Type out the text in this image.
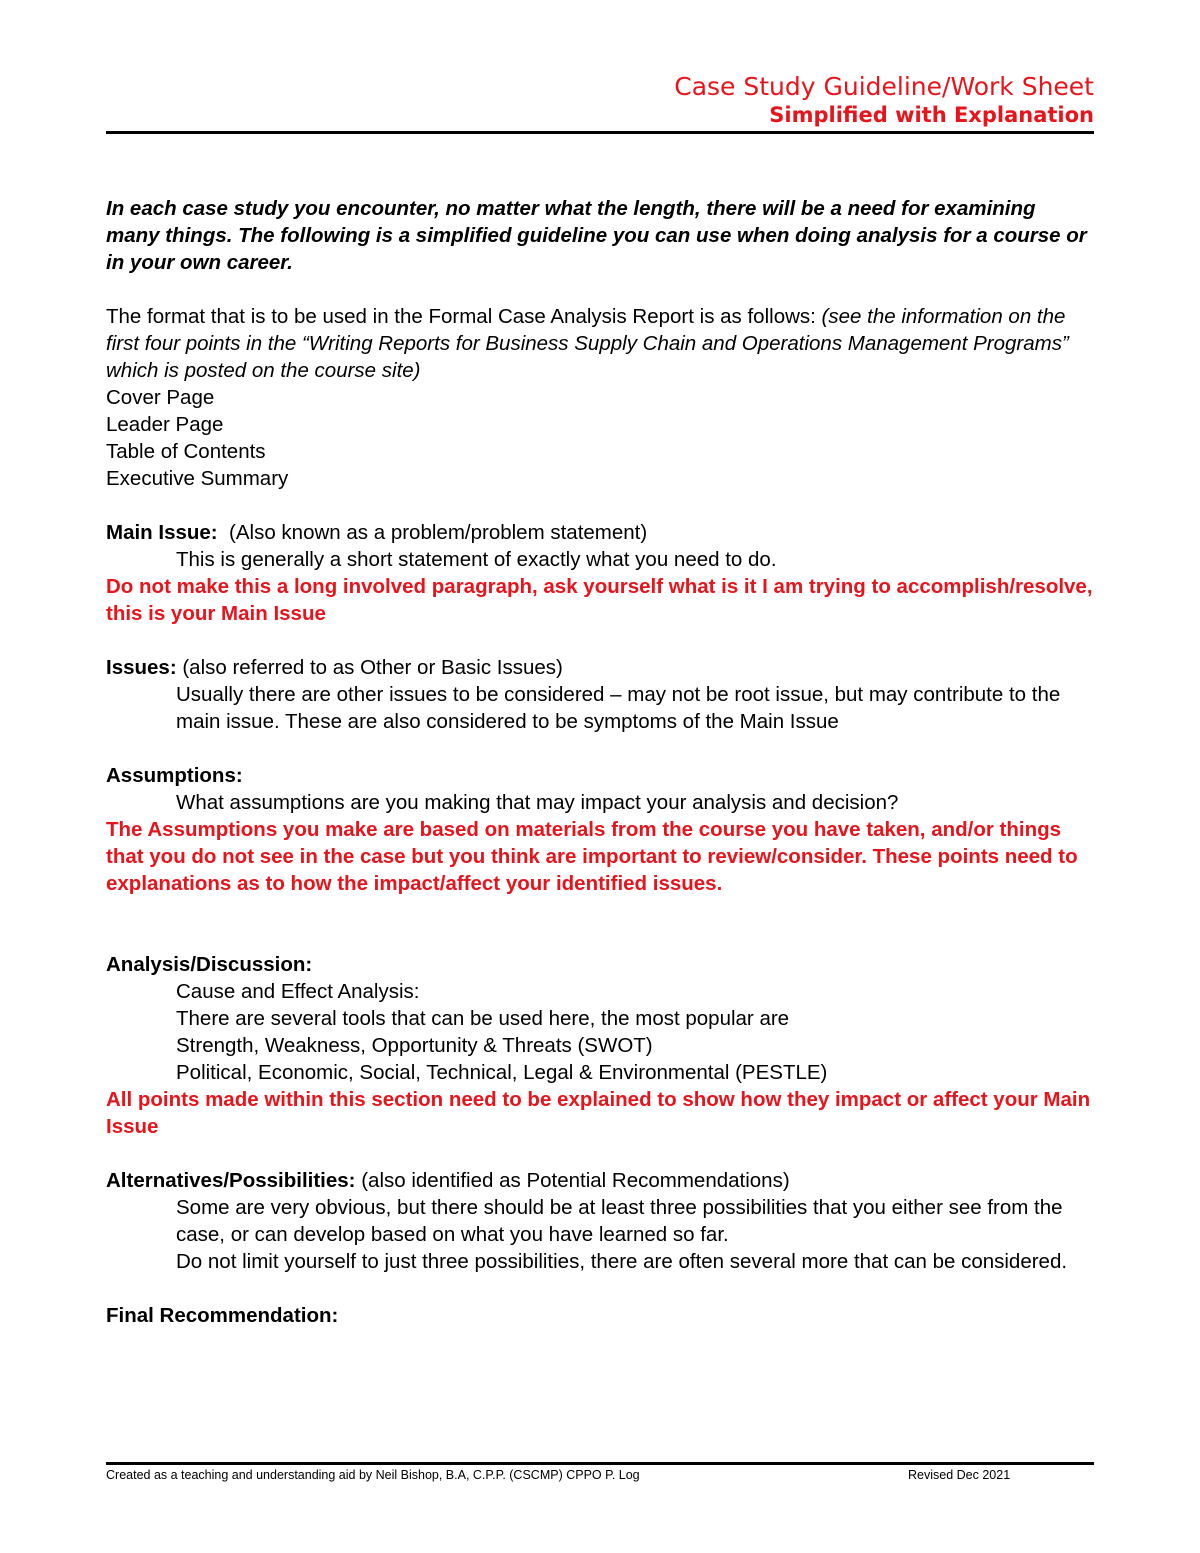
Case Study Guideline/Work Sheet
Simplified with Explanation

In each case study you encounter, no matter what the length, there will be a need for examining many things. The following is a simplified guideline you can use when doing analysis for a course or in your own career.

The format that is to be used in the Formal Case Analysis Report is as follows: (see the information on the first four points in the “Writing Reports for Business Supply Chain and Operations Management Programs” which is posted on the course site)

Cover Page

Leader Page

Table of Contents

Executive Summary

Main Issue:  (Also known as a problem/problem statement)

This is generally a short statement of exactly what you need to do.

Do not make this a long involved paragraph, ask yourself what is it I am trying to accomplish/resolve, this is your Main Issue

Issues: (also referred to as Other or Basic Issues)

Usually there are other issues to be considered – may not be root issue, but may contribute to the main issue. These are also considered to be symptoms of the Main Issue

Assumptions:

What assumptions are you making that may impact your analysis and decision?

The Assumptions you make are based on materials from the course you have taken, and/or things that you do not see in the case but you think are important to review/consider. These points need to explanations as to how the impact/affect your identified issues.

Analysis/Discussion:

Cause and Effect Analysis:

There are several tools that can be used here, the most popular are

Strength, Weakness, Opportunity & Threats (SWOT)

Political, Economic, Social, Technical, Legal & Environmental (PESTLE)

All points made within this section need to be explained to show how they impact or affect your Main Issue

Alternatives/Possibilities: (also identified as Potential Recommendations)

Some are very obvious, but there should be at least three possibilities that you either see from the case, or can develop based on what you have learned so far.

Do not limit yourself to just three possibilities, there are often several more that can be considered.

Final Recommendation:

Created as a teaching and understanding aid by Neil Bishop, B.A, C.P.P. (CSCMP) CPPO P. Log	Revised Dec 2021
